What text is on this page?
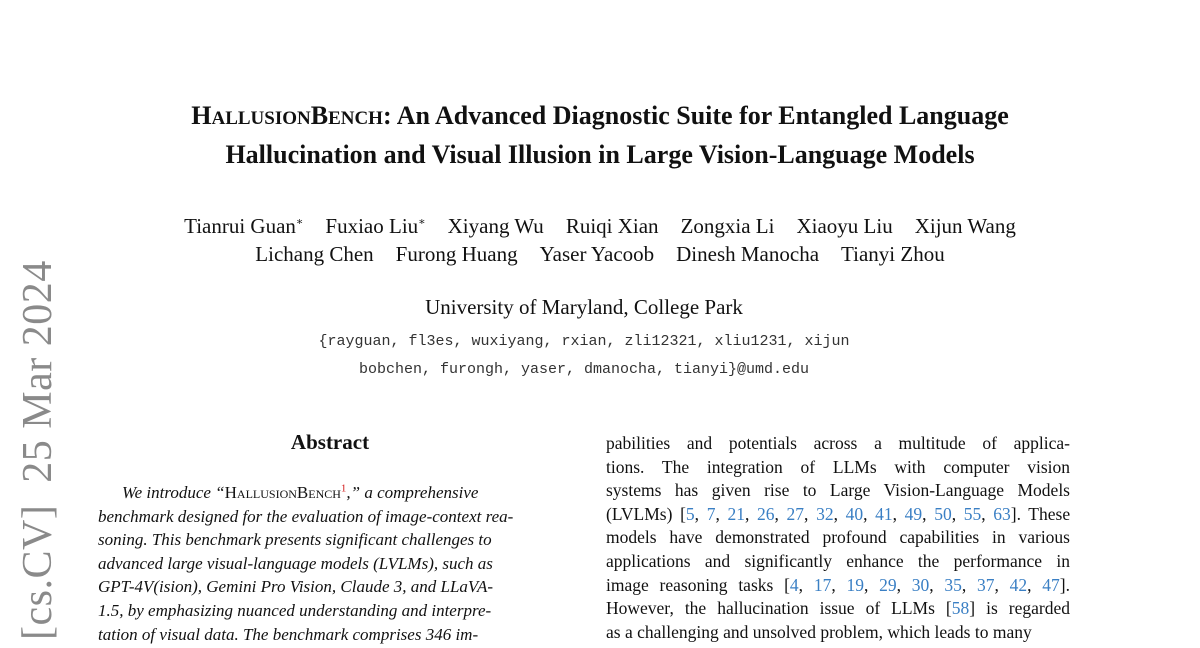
[cs.CV]25 Mar 2024
HALLUSIONBENCH: An Advanced Diagnostic Suite for Entangled Language
Hallucination and Visual Illusion in Large Vision-Language Models
Tianrui Guan∗ Fuxiao Liu∗ Xiyang Wu Ruiqi Xian Zongxia Li Xiaoyu Liu Xijun Wang
Lichang Chen Furong Huang Yaser Yacoob Dinesh Manocha Tianyi Zhou
University of Maryland, College Park
{rayguan, fl3es, wuxiyang, rxian, zli12321, xliu1231, xijun
bobchen, furongh, yaser, dmanocha, tianyi}@umd.edu
Abstract
We introduce “HallusionBench$^1$,” a comprehensive
benchmark designed for the evaluation of image-context rea-
soning. This benchmark presents significant challenges to
advanced large visual-language models (LVLMs), such as
GPT-4V(ision), Gemini Pro Vision, Claude 3, and LLaVA-
1.5, by emphasizing nuanced understanding and interpre-
tation of visual data. The benchmark comprises 346 im-
pabilities and potentials across a multitude of applica-
tions. The integration of LLMs with computer vision
systems has given rise to Large Vision-Language Models
(LVLMs) [5, 7, 21, 26, 27, 32, 40, 41, 49, 50, 55, 63]. These
models have demonstrated profound capabilities in various
applications and significantly enhance the performance in
image reasoning tasks [4, 17, 19, 29, 30, 35, 37, 42, 47].
However, the hallucination issue of LLMs [58] is regarded
as a challenging and unsolved problem, which leads to many
